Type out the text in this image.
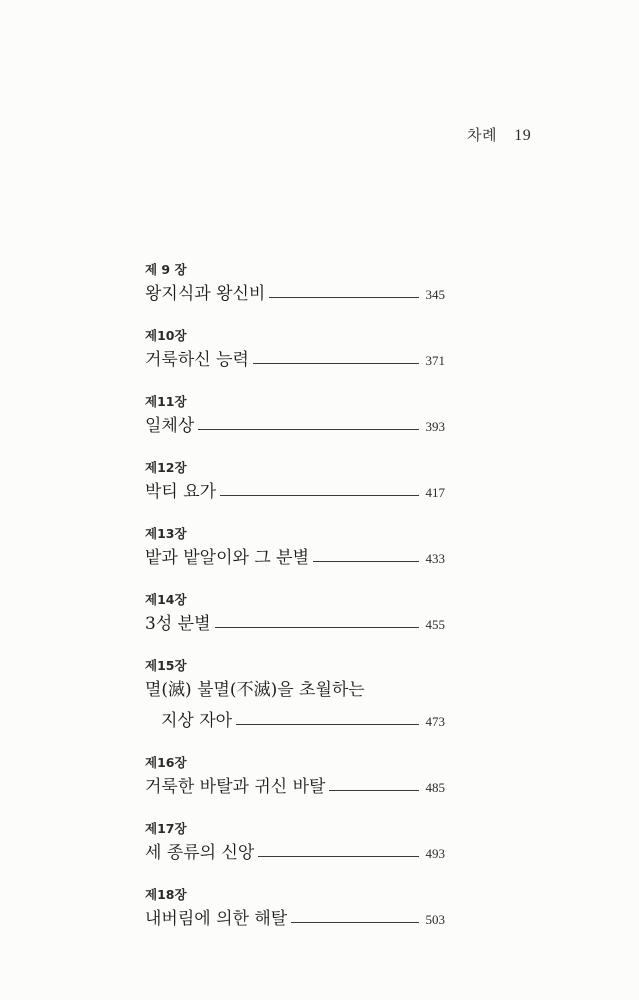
차례 19
제 9 장
왕지식과 왕신비	345
제10장
거룩하신 능력	371
제11장
일체상	393
제12장
박티 요가	417
제13장
밭과 밭알이와 그 분별	433
제14장
3성 분별	455
제15장
멸(滅) 불멸(不滅)을 초월하는
지상 자아	473
제16장
거룩한 바탈과 귀신 바탈	485
제17장
세 종류의 신앙	493
제18장
내버림에 의한 해탈	503
